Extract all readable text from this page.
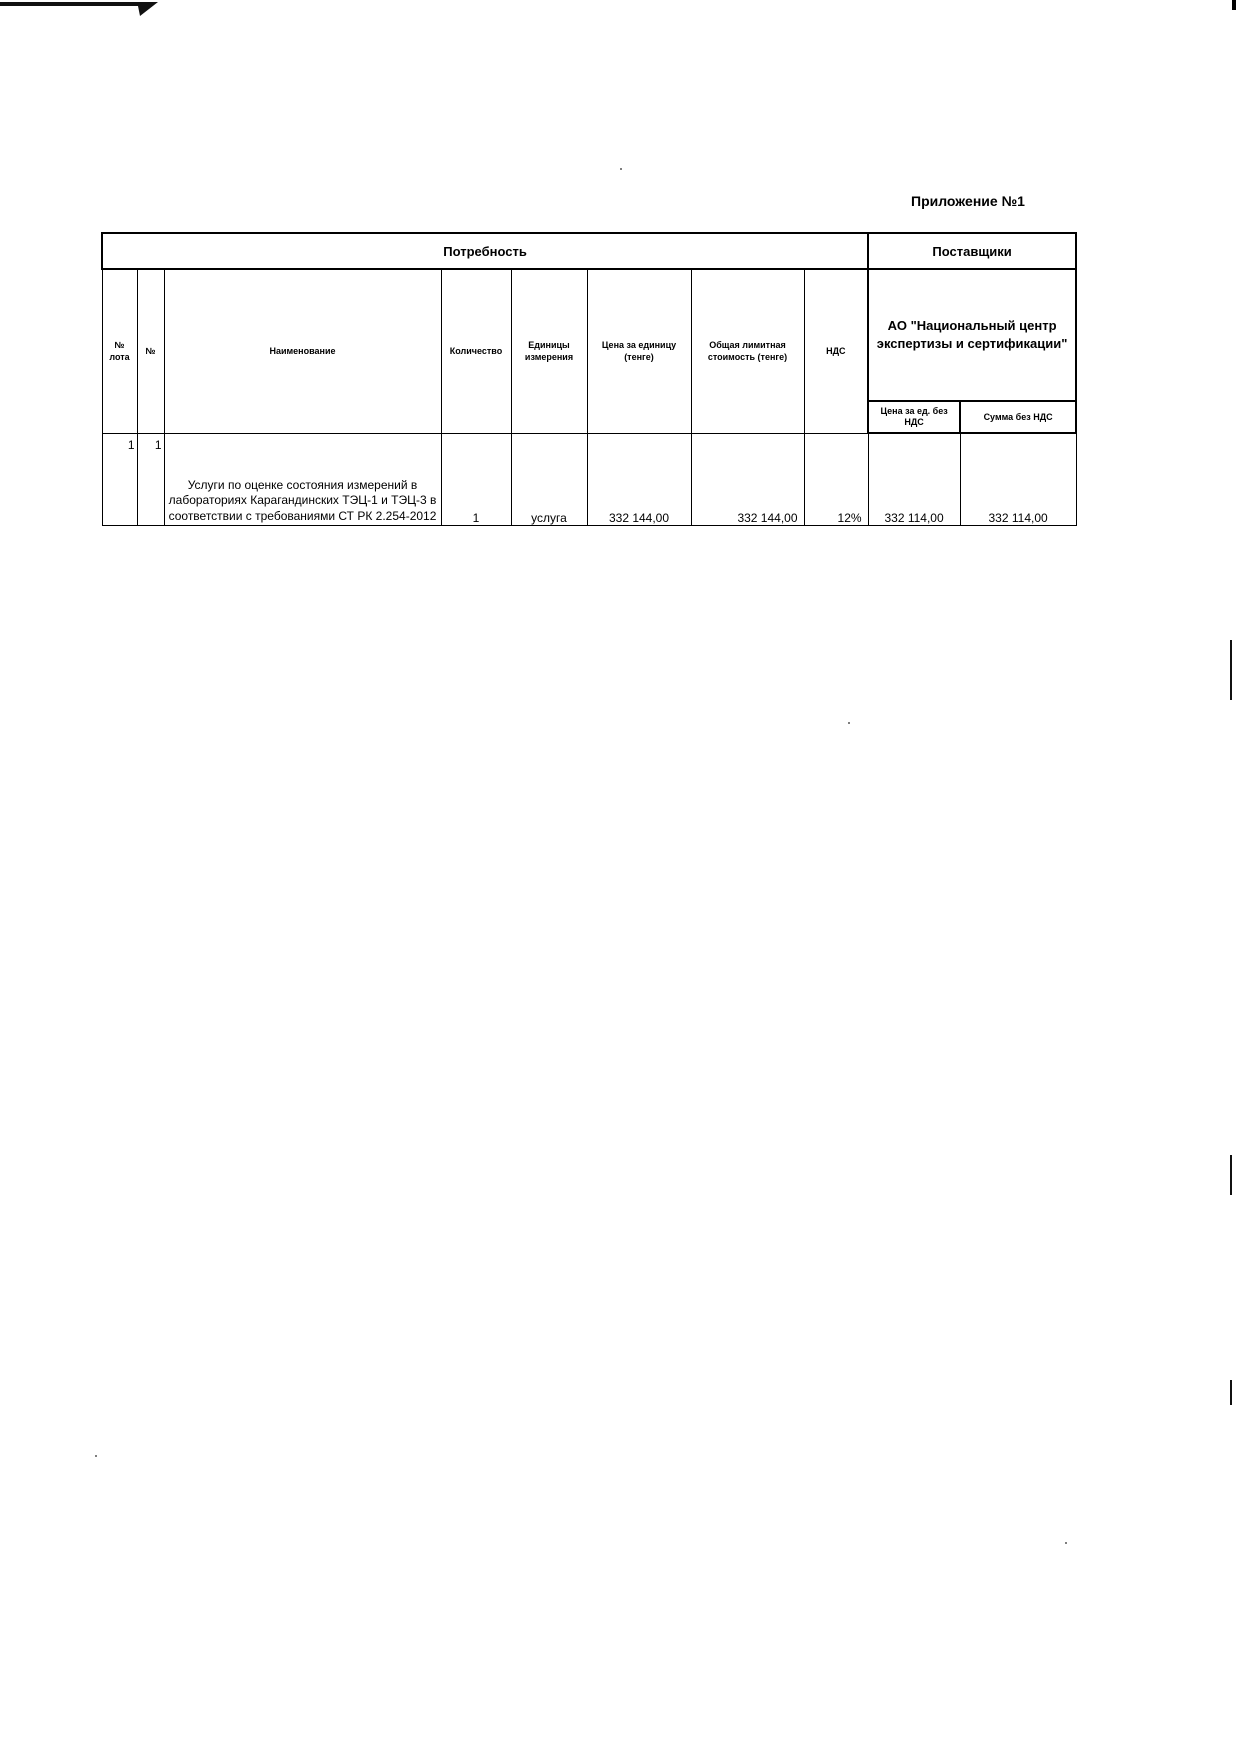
Приложение №1
Потребность								Поставщики	
№ лота	№	Наименование	Количество	Единицы измерения	Цена за единицу (тенге)	Общая лимитная стоимость (тенге)	НДС	АО "Национальный центр экспертизы и сертификации"	
								Цена за ед. без НДС	Сумма без НДС
1	1	Услуги по оценке состояния измерений в лабораториях Карагандинских ТЭЦ-1 и ТЭЦ-3 в соответствии с требованиями СТ РК 2.254-2012	1	услуга	332 144,00	332 144,00	12%	332 114,00	332 114,00
